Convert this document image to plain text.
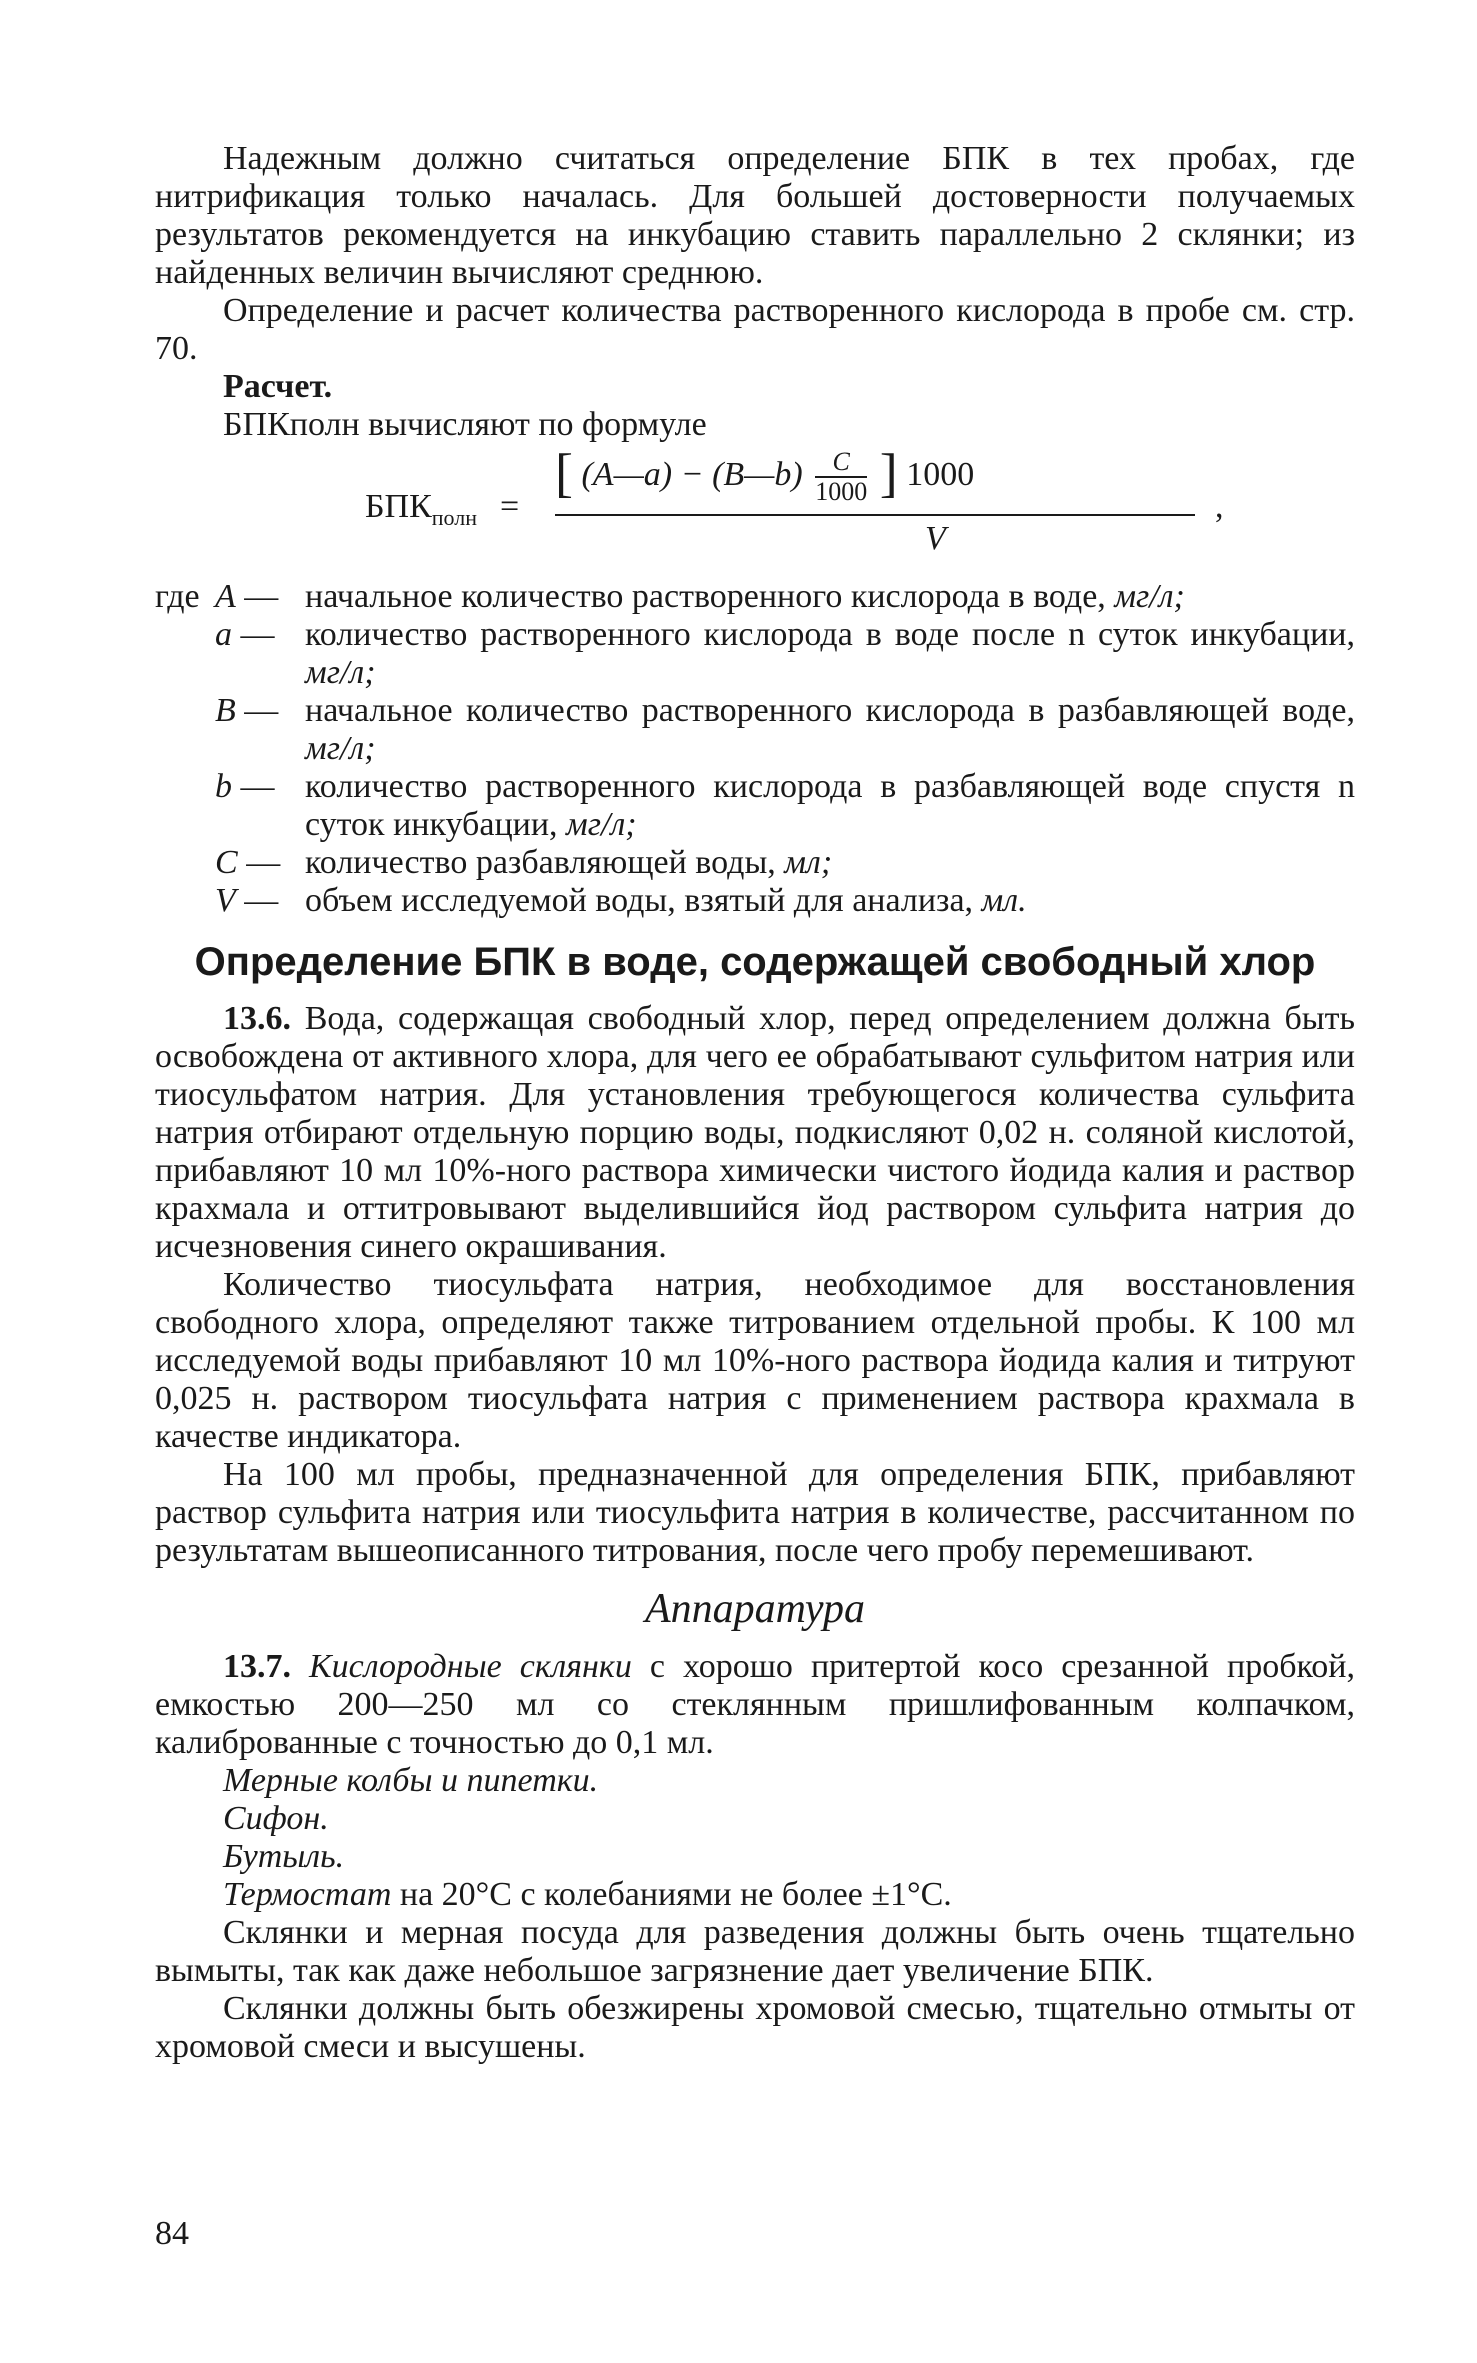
Надежным должно считаться определение БПК в тех пробах, где нитрификация только началась. Для большей достоверности получаемых результатов рекомендуется на инкубацию ставить параллельно 2 склянки; из найденных величин вычисляют среднюю.

Определение и расчет количества растворенного кислорода в пробе см. стр. 70.

Расчет.

БПКполн вычисляют по формуле

$БПК_{полн}$ =
[ (A—a) − (B—b) $\frac{C}{1000}$ ] 1000
V
,
где A — начальное количество растворенного кислорода в воде, мг/л;
a — количество растворенного кислорода в воде после n суток инкубации, мг/л;
B — начальное количество растворенного кислорода в разбавляющей воде, мг/л;
b — количество растворенного кислорода в разбавляющей воде спустя n суток инкубации, мг/л;
C — количество разбавляющей воды, мл;
V — объем исследуемой воды, взятый для анализа, мл.
Определение БПК в воде, содержащей свободный хлор

13.6. Вода, содержащая свободный хлор, перед определением должна быть освобождена от активного хлора, для чего ее обрабатывают сульфитом натрия или тиосульфатом натрия. Для установления требующегося количества сульфита натрия отбирают отдельную порцию воды, подкисляют 0,02 н. соляной кислотой, прибавляют 10 мл 10%-ного раствора химически чистого йодида калия и раствор крахмала и оттитровывают выделившийся йод раствором сульфита натрия до исчезновения синего окрашивания.

Количество тиосульфата натрия, необходимое для восстановления свободного хлора, определяют также титрованием отдельной пробы. К 100 мл исследуемой воды прибавляют 10 мл 10%-ного раствора йодида калия и титруют 0,025 н. раствором тиосульфата натрия с применением раствора крахмала в качестве индикатора.

На 100 мл пробы, предназначенной для определения БПК, прибавляют раствор сульфита натрия или тиосульфита натрия в количестве, рассчитанном по результатам вышеописанного титрования, после чего пробу перемешивают.

Аппаратура

13.7. Кислородные склянки с хорошо притертой косо срезанной пробкой, емкостью 200—250 мл со стеклянным пришлифованным колпачком, калиброванные с точностью до 0,1 мл.

Мерные колбы и пипетки.

Сифон.

Бутыль.

Термостат на 20°С с колебаниями не более ±1°С.

Склянки и мерная посуда для разведения должны быть очень тщательно вымыты, так как даже небольшое загрязнение дает увеличение БПК.

Склянки должны быть обезжирены хромовой смесью, тщательно отмыты от хромовой смеси и высушены.

84
